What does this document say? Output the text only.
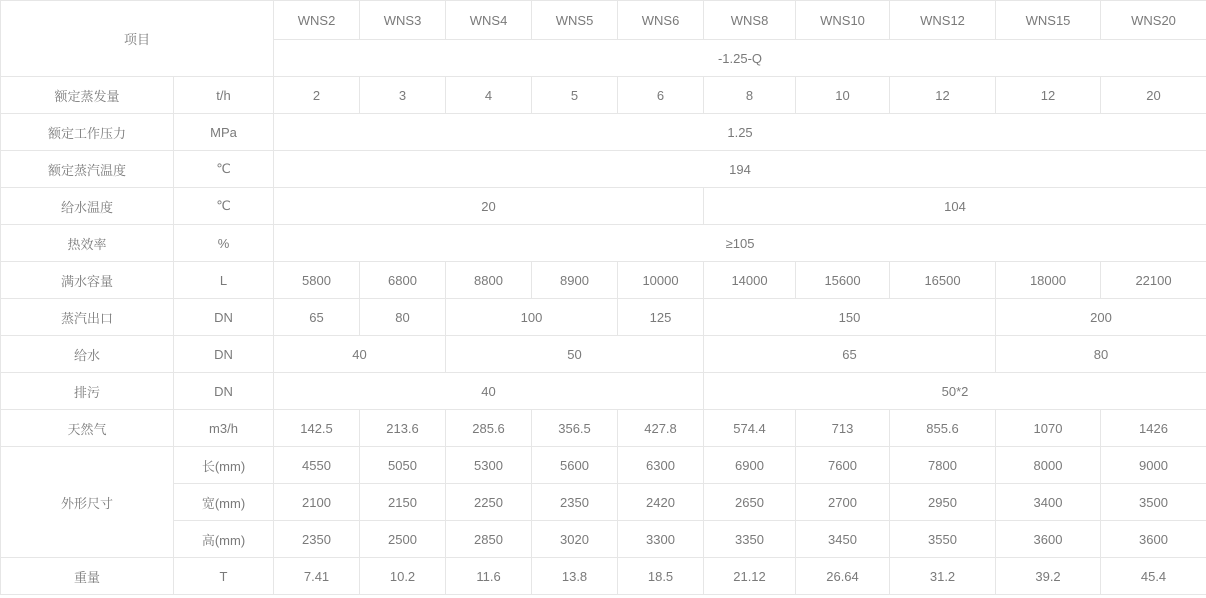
项目		WNS2	WNS3	WNS4	WNS5	WNS6	WNS8	WNS10	WNS12	WNS15	WNS20
		-1.25-Q									
额定蒸发量	t/h	2	3	4	5	6	8	10	12	12	20
额定工作压力	MPa	1.25									
额定蒸汽温度	℃	194									
给水温度	℃	20					104				
热效率	%	≥105									
满水容量	L	5800	6800	8800	8900	10000	14000	15600	16500	18000	22100
蒸汽出口	DN	65	80	100		125	150			200	
给水	DN	40		50			65			80	
排污	DN	40					50*2				
天然气	m3/h	142.5	213.6	285.6	356.5	427.8	574.4	713	855.6	1070	1426
外形尺寸	长(mm)	4550	5050	5300	5600	6300	6900	7600	7800	8000	9000
	宽(mm)	2100	2150	2250	2350	2420	2650	2700	2950	3400	3500
	高(mm)	2350	2500	2850	3020	3300	3350	3450	3550	3600	3600
重量	T	7.41	10.2	11.6	13.8	18.5	21.12	26.64	31.2	39.2	45.4
